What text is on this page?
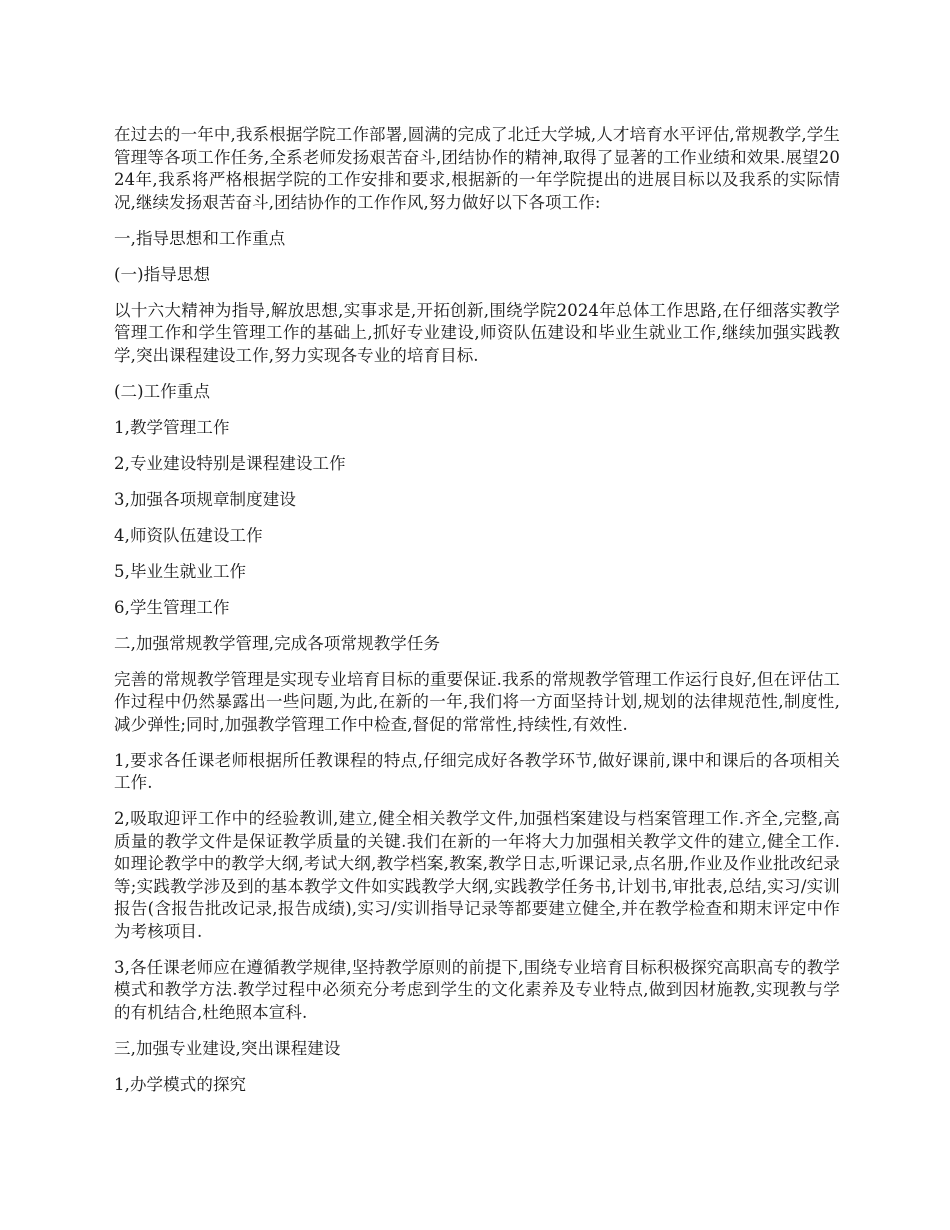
在过去的一年中,我系根据学院工作部署,圆满的完成了北迁大学城,人才培育水平评估,常规教学,学生管理等各项工作任务,全系老师发扬艰苦奋斗,团结协作的精神,取得了显著的工作业绩和效果.展望2024年,我系将严格根据学院的工作安排和要求,根据新的一年学院提出的进展目标以及我系的实际情况,继续发扬艰苦奋斗,团结协作的工作作风,努力做好以下各项工作:

一,指导思想和工作重点

(一)指导思想

以十六大精神为指导,解放思想,实事求是,开拓创新,围绕学院2024年总体工作思路,在仔细落实教学管理工作和学生管理工作的基础上,抓好专业建设,师资队伍建设和毕业生就业工作,继续加强实践教学,突出课程建设工作,努力实现各专业的培育目标.

(二)工作重点

1,教学管理工作

2,专业建设特别是课程建设工作

3,加强各项规章制度建设

4,师资队伍建设工作

5,毕业生就业工作

6,学生管理工作

二,加强常规教学管理,完成各项常规教学任务

完善的常规教学管理是实现专业培育目标的重要保证.我系的常规教学管理工作运行良好,但在评估工作过程中仍然暴露出一些问题,为此,在新的一年,我们将一方面坚持计划,规划的法律规范性,制度性,减少弹性;同时,加强教学管理工作中检查,督促的常常性,持续性,有效性.

1,要求各任课老师根据所任教课程的特点,仔细完成好各教学环节,做好课前,课中和课后的各项相关工作.

2,吸取迎评工作中的经验教训,建立,健全相关教学文件,加强档案建设与档案管理工作.齐全,完整,高质量的教学文件是保证教学质量的关键.我们在新的一年将大力加强相关教学文件的建立,健全工作.如理论教学中的教学大纲,考试大纲,教学档案,教案,教学日志,听课记录,点名册,作业及作业批改纪录等;实践教学涉及到的基本教学文件如实践教学大纲,实践教学任务书,计划书,审批表,总结,实习/实训报告(含报告批改记录,报告成绩),实习/实训指导记录等都要建立健全,并在教学检查和期末评定中作为考核项目.

3,各任课老师应在遵循教学规律,坚持教学原则的前提下,围绕专业培育目标积极探究高职高专的教学模式和教学方法.教学过程中必须充分考虑到学生的文化素养及专业特点,做到因材施教,实现教与学的有机结合,杜绝照本宣科.

三,加强专业建设,突出课程建设

1,办学模式的探究
